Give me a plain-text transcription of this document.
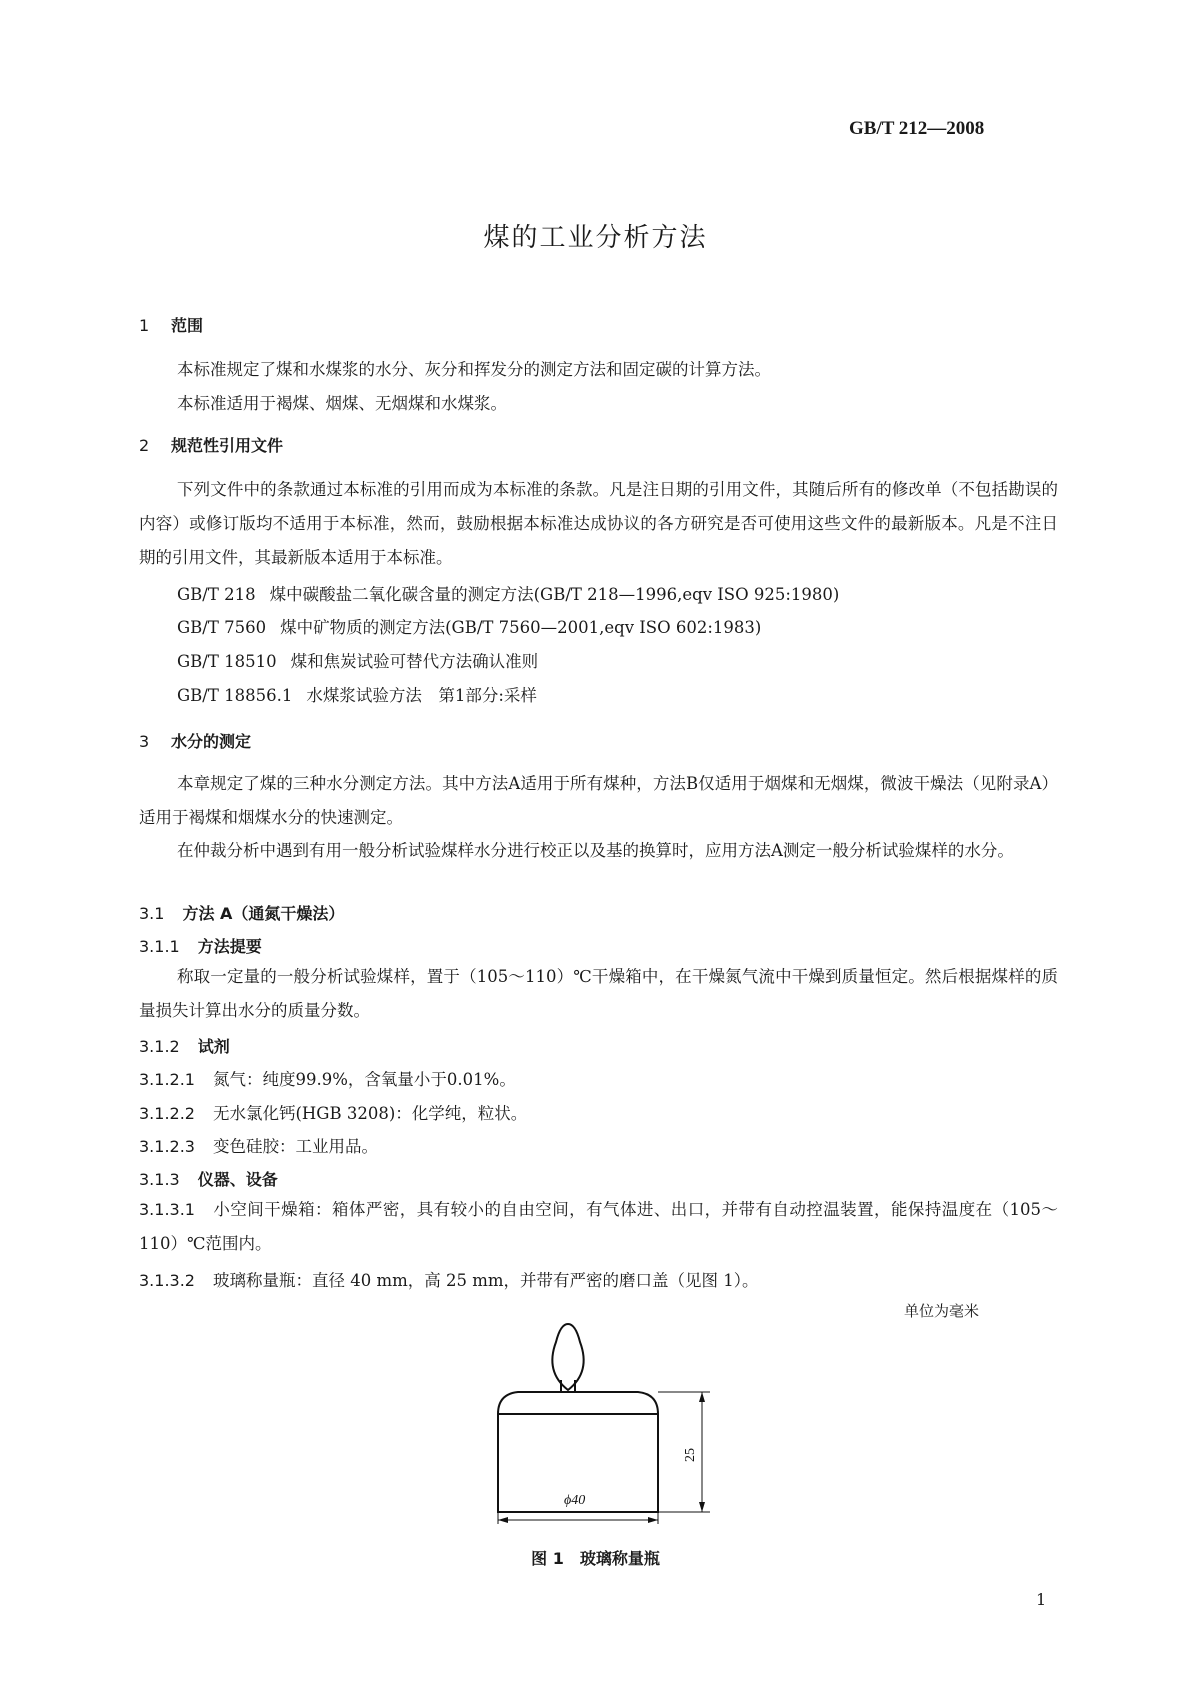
GB/T 212—2008
煤的工业分析方法
1 范围
本标准规定了煤和水煤浆的水分、灰分和挥发分的测定方法和固定碳的计算方法。
本标准适用于褐煤、烟煤、无烟煤和水煤浆。
2 规范性引用文件
下列文件中的条款通过本标准的引用而成为本标准的条款。凡是注日期的引用文件，其随后所有的修改单（不包括勘误的内容）或修订版均不适用于本标准，然而，鼓励根据本标准达成协议的各方研究是否可使用这些文件的最新版本。凡是不注日期的引用文件，其最新版本适用于本标准。
GB/T 218 煤中碳酸盐二氧化碳含量的测定方法(GB/T 218—1996,eqv ISO 925:1980)
GB/T 7560 煤中矿物质的测定方法(GB/T 7560—2001,eqv ISO 602:1983)
GB/T 18510 煤和焦炭试验可替代方法确认准则
GB/T 18856.1 水煤浆试验方法　第1部分:采样
3 水分的测定
本章规定了煤的三种水分测定方法。其中方法A适用于所有煤种，方法B仅适用于烟煤和无烟煤，微波干燥法（见附录A）适用于褐煤和烟煤水分的快速测定。
在仲裁分析中遇到有用一般分析试验煤样水分进行校正以及基的换算时，应用方法A测定一般分析试验煤样的水分。
3.1 方法 A（通氮干燥法）
3.1.1 方法提要
称取一定量的一般分析试验煤样，置于（105～110）℃干燥箱中，在干燥氮气流中干燥到质量恒定。然后根据煤样的质量损失计算出水分的质量分数。
3.1.2 试剂
3.1.2.1 氮气：纯度99.9%，含氧量小于0.01%。
3.1.2.2 无水氯化钙(HGB 3208)：化学纯，粒状。
3.1.2.3 变色硅胶：工业用品。
3.1.3 仪器、设备
3.1.3.1 小空间干燥箱：箱体严密，具有较小的自由空间，有气体进、出口，并带有自动控温装置，能保持温度在（105～110）℃范围内。
3.1.3.2 玻璃称量瓶：直径 40 mm，高 25 mm，并带有严密的磨口盖（见图 1）。
单位为毫米
ϕ40
25
图 1　玻璃称量瓶
1
